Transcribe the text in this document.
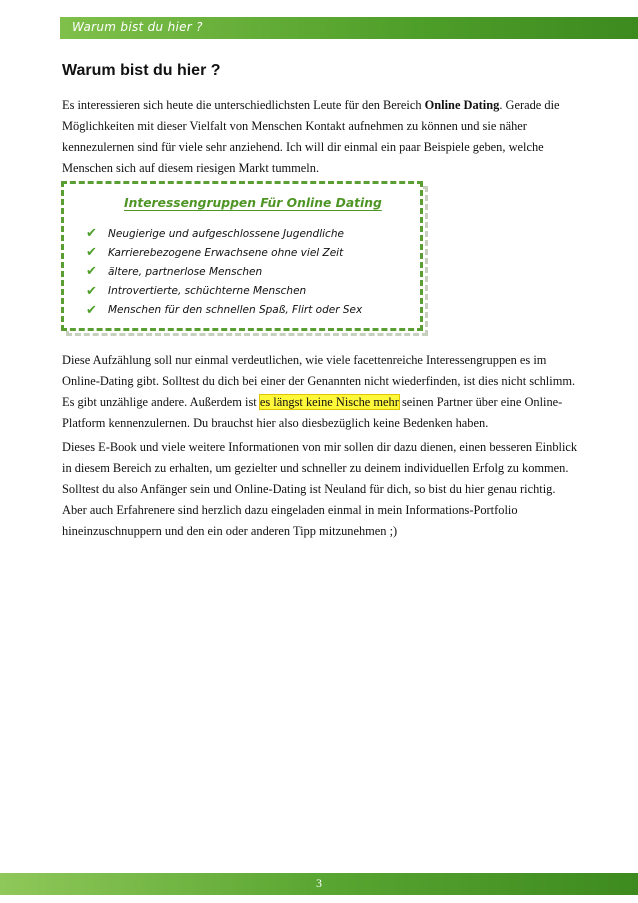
Warum bist du hier ?
Warum bist du hier ?

Es interessieren sich heute die unterschiedlichsten Leute für den Bereich Online Dating. Gerade die Möglichkeiten mit dieser Vielfalt von Menschen Kontakt aufnehmen zu können und sie näher kennezulernen sind für viele sehr anziehend. Ich will dir einmal ein paar Beispiele geben, welche Menschen sich auf diesem riesigen Markt tummeln.

Interessengruppen Für Online Dating
✔	Neugierige und aufgeschlossene Jugendliche
✔	Karrierebezogene Erwachsene ohne viel Zeit
✔	ältere, partnerlose Menschen
✔	Introvertierte, schüchterne Menschen
✔	Menschen für den schnellen Spaß, Flirt oder Sex

Diese Aufzählung soll nur einmal verdeutlichen, wie viele facettenreiche Interessengruppen es im Online-Dating gibt. Solltest du dich bei einer der Genannten nicht wiederfinden, ist dies nicht schlimm. Es gibt unzählige andere. Außerdem ist es längst keine Nische mehr seinen Partner über eine Online-Platform kennenzulernen. Du brauchst hier also diesbezüglich keine Bedenken haben.

Dieses E-Book und viele weitere Informationen von mir sollen dir dazu dienen, einen besseren Einblick in diesem Bereich zu erhalten, um gezielter und schneller zu deinem individuellen Erfolg zu kommen. Solltest du also Anfänger sein und Online-Dating ist Neuland für dich, so bist du hier genau richtig. Aber auch Erfahrenere sind herzlich dazu eingeladen einmal in mein Informations-Portfolio hineinzuschnuppern und den ein oder anderen Tipp mitzunehmen ;)

3
